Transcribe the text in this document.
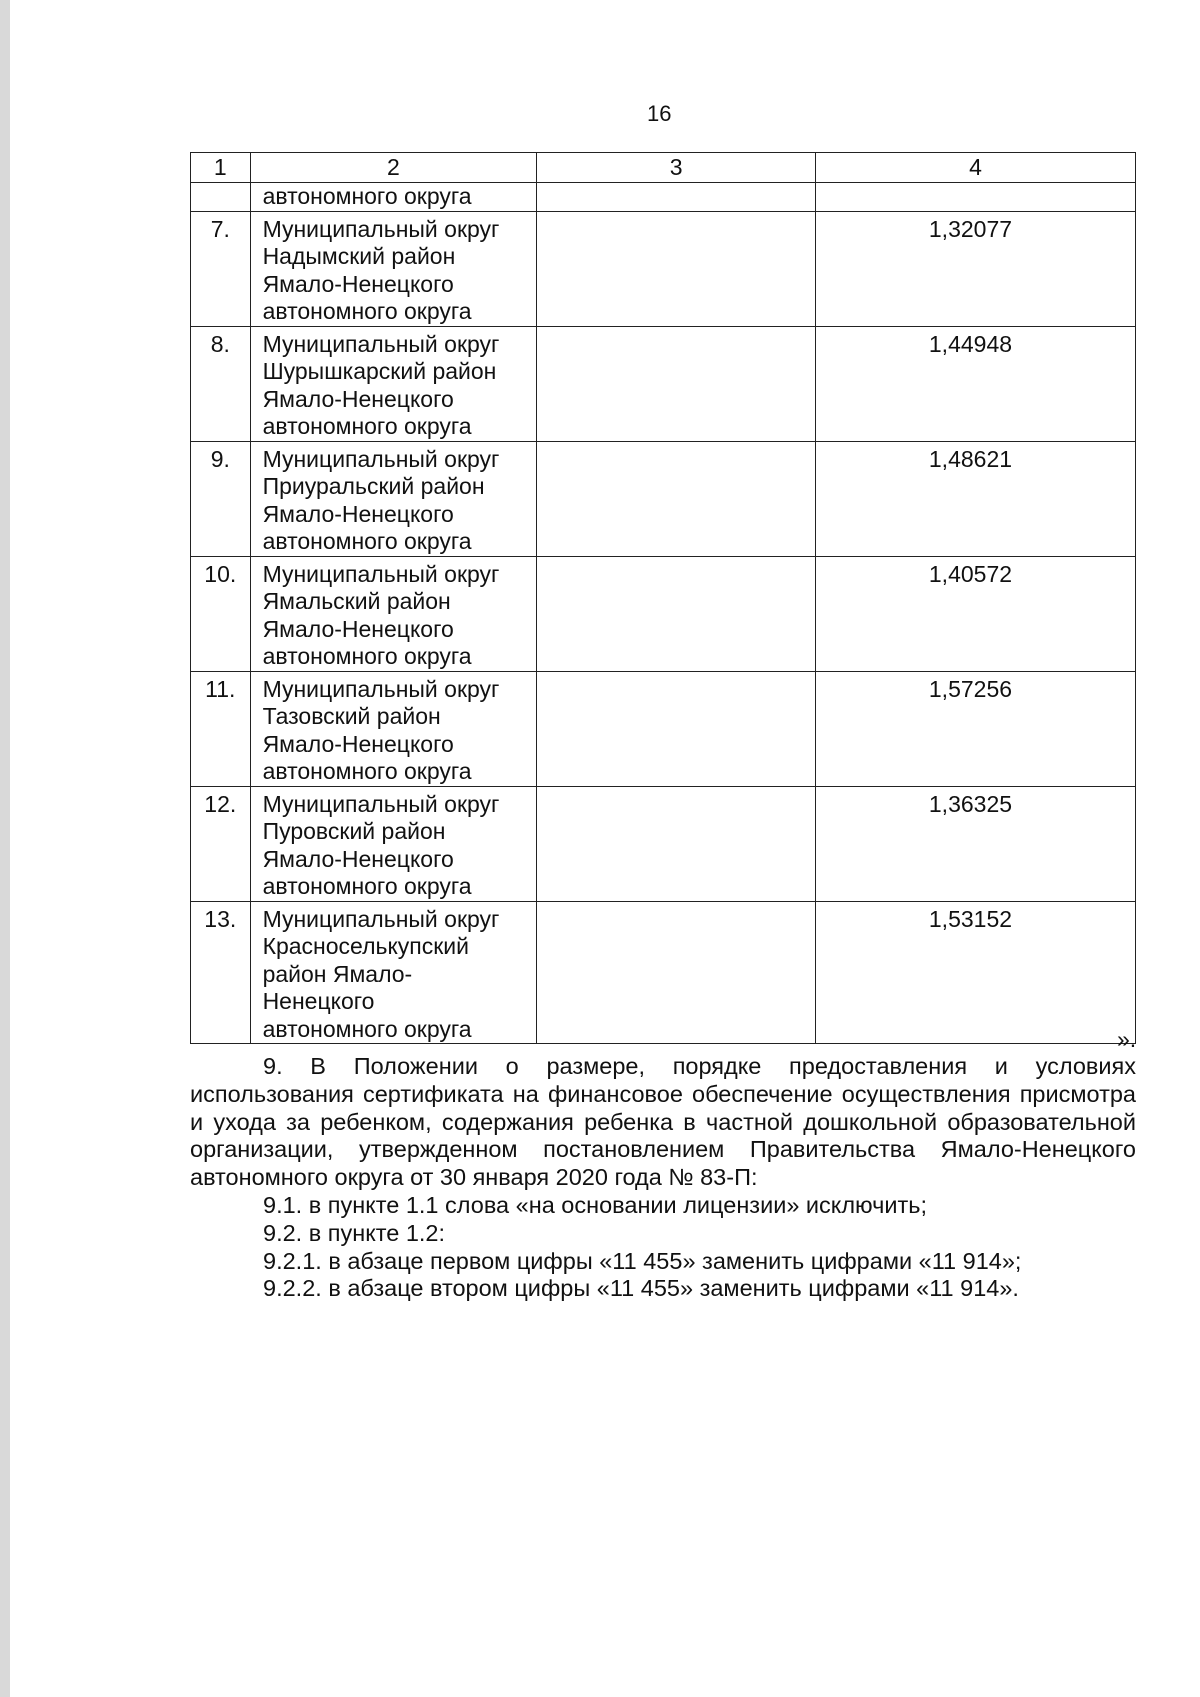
16
1	2	3	4

	автономного округа		

7.	Муниципальный округ
Надымский район
Ямало-Ненецкого
автономного округа		1,32077
8.	Муниципальный округ
Шурышкарский район
Ямало-Ненецкого
автономного округа		1,44948
9.	Муниципальный округ
Приуральский район
Ямало-Ненецкого
автономного округа		1,48621
10.	Муниципальный округ
Ямальский район
Ямало-Ненецкого
автономного округа		1,40572
11.	Муниципальный округ
Тазовский район
Ямало-Ненецкого
автономного округа		1,57256
12.	Муниципальный округ
Пуровский район
Ямало-Ненецкого
автономного округа		1,36325
13.	Муниципальный округ
Красноселькупский
район Ямало-
Ненецкого
автономного округа		1,53152
».

9. В Положении о размере, порядке предоставления и условиях использования сертификата на финансовое обеспечение осуществления присмотра и ухода за ребенком, содержания ребенка в частной дошкольной образовательной организации, утвержденном постановлением Правительства Ямало-Ненецкого автономного округа от 30 января 2020 года № 83-П:

9.1. в пункте 1.1 слова «на основании лицензии» исключить;

9.2. в пункте 1.2:

9.2.1. в абзаце первом цифры «11 455» заменить цифрами «11 914»;

9.2.2. в абзаце втором цифры «11 455» заменить цифрами «11 914».
